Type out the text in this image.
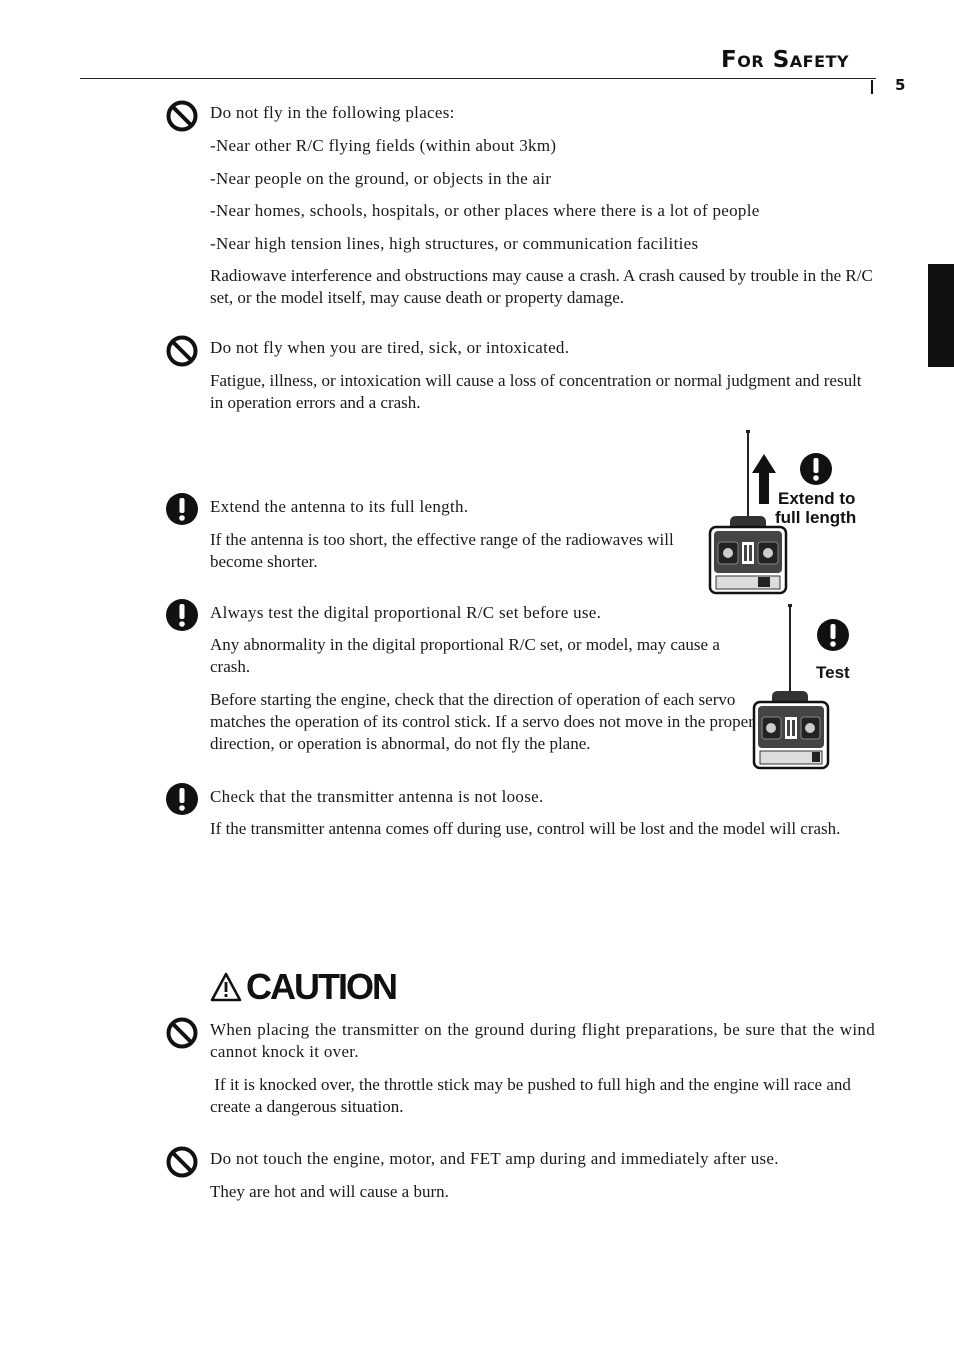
For Safety
5
Do not fly in the following places:
-Near other R/C flying fields (within about 3km)
-Near people on the ground, or objects in the air
-Near homes, schools, hospitals, or other places where there is a lot of people
-Near high tension lines, high structures, or communication facilities
Radiowave interference and obstructions may cause a crash. A crash caused by trouble in the R/C set, or the model itself, may cause death or property damage.
Do not fly when you are tired, sick, or intoxicated.
Fatigue, illness, or intoxication will cause a loss of concentration or normal judgment and result in operation errors and a crash.
Extend the antenna to its full length.
If the antenna is too short, the effective range of the radiowaves will become shorter.
Extend to
full length
Always test the digital proportional R/C set before use.
Any abnormality in the digital proportional R/C set, or model, may cause a crash.
Before starting the engine, check that the direction of operation of each servo matches the operation of its control stick. If a servo does not move in the proper direction, or operation is abnormal, do not fly the plane.
Test
Check that the transmitter antenna is not loose.
If the transmitter antenna comes off during use, control will be lost and the model will crash.
CAUTION
When placing the transmitter on the ground during flight preparations, be sure that the wind cannot knock it over.
If it is knocked over, the throttle stick may be pushed to full high and the engine will race and create a dangerous situation.
Do not touch the engine, motor, and FET amp during and immediately after use.
They are hot and will cause a burn.
